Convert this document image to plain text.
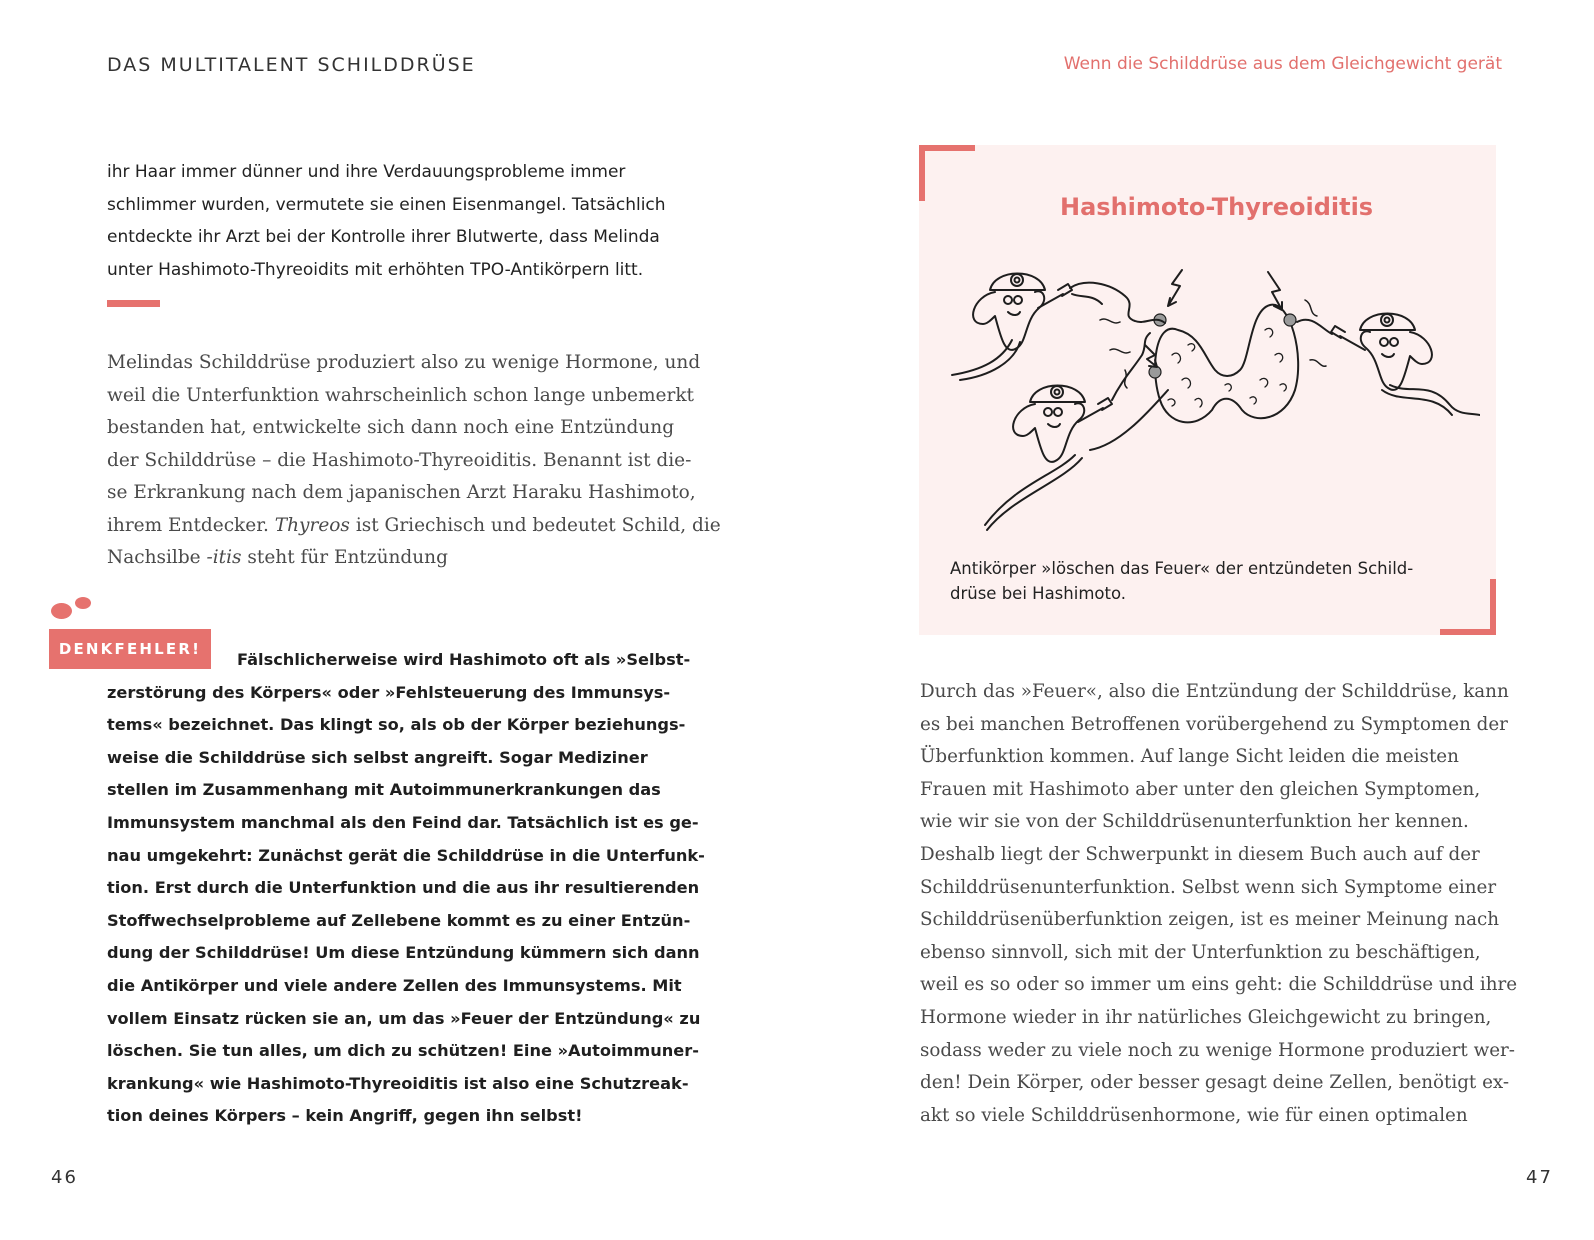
DAS MULTITALENT SCHILDDRÜSE	Wenn die Schilddrüse aus dem Gleichgewicht gerät
ihr Haar immer dünner und ihre Verdauungsprobleme immer
schlimmer wurden, vermutete sie einen Eisenmangel. Tatsächlich
entdeckte ihr Arzt bei der Kontrolle ihrer Blutwerte, dass Melinda
unter Hashimoto-Thyreoidits mit erhöhten TPO-Antikörpern litt.
Melindas Schilddrüse produziert also zu wenige Hormone, und
weil die Unterfunktion wahrscheinlich schon lange unbemerkt
bestanden hat, entwickelte sich dann noch eine Entzündung
der Schilddrüse – die Hashimoto-Thyreoiditis. Benannt ist die-
se Erkrankung nach dem japanischen Arzt Haraku Hashimoto,
ihrem Entdecker. Thyreos ist Griechisch und bedeutet Schild, die
Nachsilbe -itis steht für Entzündung
DENKFEHLER!
Fälschlicherweise wird Hashimoto oft als »Selbst-
zerstörung des Körpers« oder »Fehlsteuerung des Immunsys-
tems« bezeichnet. Das klingt so, als ob der Körper beziehungs-
weise die Schilddrüse sich selbst angreift. Sogar Mediziner
stellen im Zusammenhang mit Autoimmunerkrankungen das
Immunsystem manchmal als den Feind dar. Tatsächlich ist es ge-
nau umgekehrt: Zunächst gerät die Schilddrüse in die Unterfunk-
tion. Erst durch die Unterfunktion und die aus ihr resultierenden
Stoffwechselprobleme auf Zellebene kommt es zu einer Entzün-
dung der Schilddrüse! Um diese Entzündung kümmern sich dann
die Antikörper und viele andere Zellen des Immunsystems. Mit
vollem Einsatz rücken sie an, um das »Feuer der Entzündung« zu
löschen. Sie tun alles, um dich zu schützen! Eine »Autoimmuner-
krankung« wie Hashimoto-Thyreoiditis ist also eine Schutzreak-
tion deines Körpers – kein Angriff, gegen ihn selbst!
46
Hashimoto-Thyreoiditis
Antikörper »löschen das Feuer« der entzündeten Schild-
drüse bei Hashimoto.
Durch das »Feuer«, also die Entzündung der Schilddrüse, kann
es bei manchen Betroffenen vorübergehend zu Symptomen der
Überfunktion kommen. Auf lange Sicht leiden die meisten
Frauen mit Hashimoto aber unter den gleichen Symptomen,
wie wir sie von der Schilddrüsenunterfunktion her kennen.
Deshalb liegt der Schwerpunkt in diesem Buch auch auf der
Schilddrüsenunterfunktion. Selbst wenn sich Symptome einer
Schilddrüsenüberfunktion zeigen, ist es meiner Meinung nach
ebenso sinnvoll, sich mit der Unterfunktion zu beschäftigen,
weil es so oder so immer um eins geht: die Schilddrüse und ihre
Hormone wieder in ihr natürliches Gleichgewicht zu bringen,
sodass weder zu viele noch zu wenige Hormone produziert wer-
den! Dein Körper, oder besser gesagt deine Zellen, benötigt ex-
akt so viele Schilddrüsenhormone, wie für einen optimalen
47
